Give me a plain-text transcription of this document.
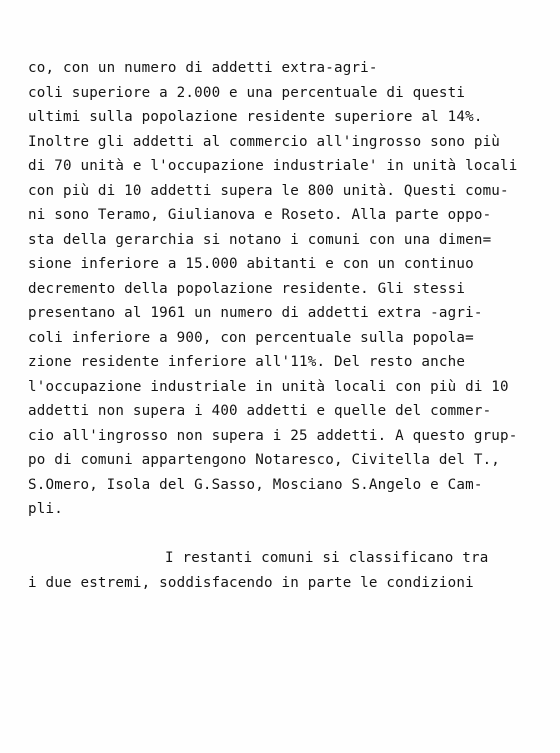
co, con un numero di addetti extra-agri-
coli superiore a 2.000 e una percentuale di questi
ultimi sulla popolazione residente superiore al 14%.
Inoltre gli addetti al commercio all'ingrosso sono più
di 70 unità e l'occupazione industriale' in unità locali
con più di 10 addetti supera le 800 unità. Questi comu-
ni sono Teramo, Giulianova e Roseto. Alla parte oppo-
sta della gerarchia si notano i comuni con una dimen=
sione inferiore a 15.000 abitanti e con un continuo
decremento della popolazione residente. Gli stessi
presentano al 1961 un numero di addetti extra -agri-
coli inferiore a 900, con percentuale sulla popola=
zione residente inferiore all'11%. Del resto anche
l'occupazione industriale in unità locali con più di 10
addetti non supera i 400 addetti e quelle del commer-
cio all'ingrosso non supera i 25 addetti. A questo grup-
po di comuni appartengono Notaresco, Civitella del T.,
S.Omero, Isola del G.Sasso, Mosciano S.Angelo e Cam-
pli.
I restanti comuni si classificano tra
i due estremi, soddisfacendo in parte le condizioni
